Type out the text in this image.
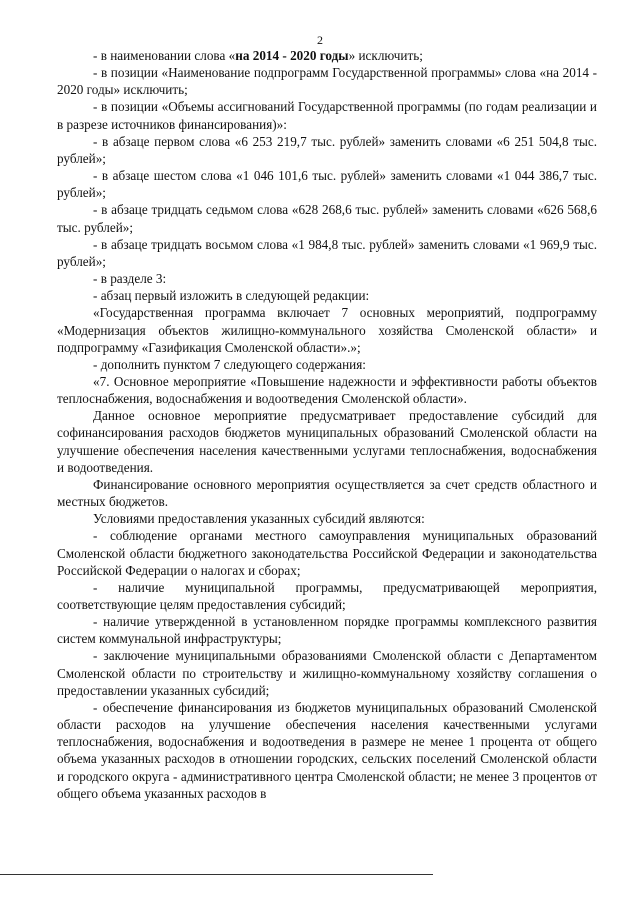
2

- в наименовании слова «на 2014 - 2020 годы» исключить;

- в позиции «Наименование подпрограмм Государственной программы» слова «на 2014 - 2020 годы» исключить;

- в позиции «Объемы ассигнований Государственной программы (по годам реализации и в разрезе источников финансирования)»:

- в абзаце первом слова «6 253 219,7 тыс. рублей» заменить словами «6 251 504,8 тыс. рублей»;

- в абзаце шестом слова «1 046 101,6 тыс. рублей» заменить словами «1 044 386,7 тыс. рублей»;

- в абзаце тридцать седьмом слова «628 268,6 тыс. рублей» заменить словами «626 568,6 тыс. рублей»;

- в абзаце тридцать восьмом слова «1 984,8 тыс. рублей» заменить словами «1 969,9 тыс. рублей»;

- в разделе 3:

- абзац первый изложить в следующей редакции:

«Государственная программа включает 7 основных мероприятий, подпрограмму «Модернизация объектов жилищно-коммунального хозяйства Смоленской области» и подпрограмму «Газификация Смоленской области».»;

- дополнить пунктом 7 следующего содержания:

«7. Основное мероприятие «Повышение надежности и эффективности работы объектов теплоснабжения, водоснабжения и водоотведения Смоленской области».

Данное основное мероприятие предусматривает предоставление субсидий для софинансирования расходов бюджетов муниципальных образований Смоленской области на улучшение обеспечения населения качественными услугами теплоснабжения, водоснабжения и водоотведения.

Финансирование основного мероприятия осуществляется за счет средств областного и местных бюджетов.

Условиями предоставления указанных субсидий являются:

- соблюдение органами местного самоуправления муниципальных образований Смоленской области бюджетного законодательства Российской Федерации и законодательства Российской Федерации о налогах и сборах;

- наличие муниципальной программы, предусматривающей мероприятия, соответствующие целям предоставления субсидий;

- наличие утвержденной в установленном порядке программы комплексного развития систем коммунальной инфраструктуры;

- заключение муниципальными образованиями Смоленской области с Департаментом Смоленской области по строительству и жилищно-коммунальному хозяйству соглашения о предоставлении указанных субсидий;

- обеспечение финансирования из бюджетов муниципальных образований Смоленской области расходов на улучшение обеспечения населения качественными услугами теплоснабжения, водоснабжения и водоотведения в размере не менее 1 процента от общего объема указанных расходов в отношении городских, сельских поселений Смоленской области и городского округа - административного центра Смоленской области; не менее 3 процентов от общего объема указанных расходов в
